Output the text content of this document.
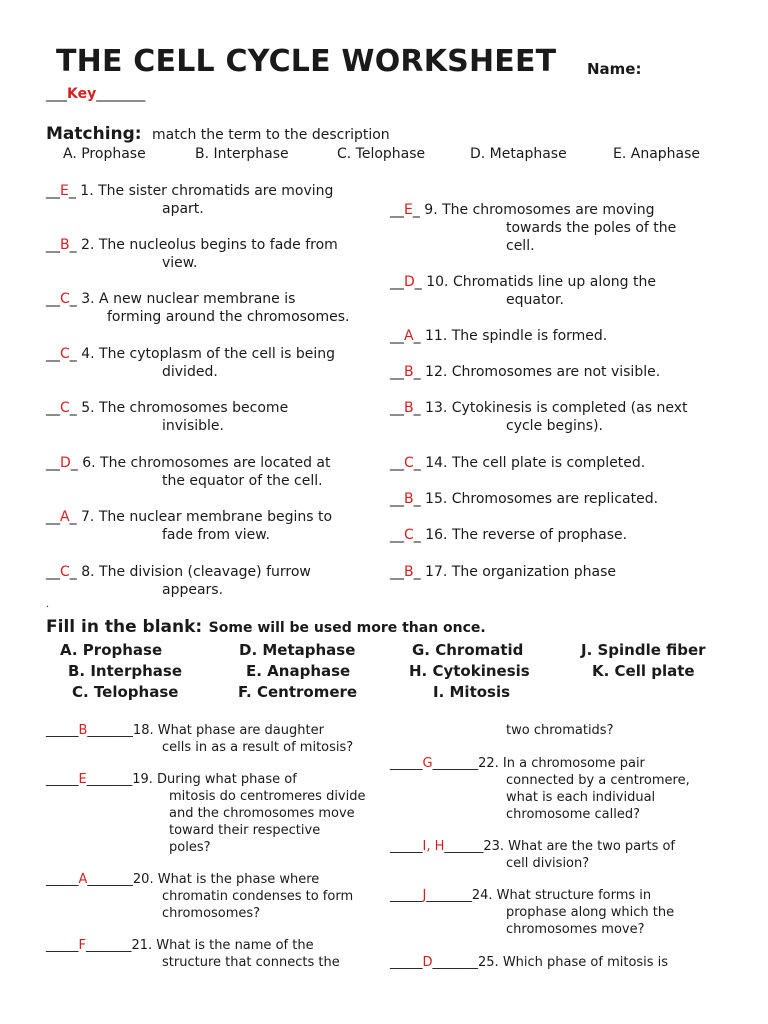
THE CELL CYCLE WORKSHEET Name:
___Key_______
Matching: match the term to the description
A. Prophase	B. Interphase	C. Telophase	D. Metaphase	E. Anaphase
__E_ 1. The sister chromatids are moving
apart.
__B_ 2. The nucleolus begins to fade from
view.
__C_ 3. A new nuclear membrane is
forming around the chromosomes.
__C_ 4. The cytoplasm of the cell is being
divided.
__C_ 5. The chromosomes become
invisible.
__D_ 6. The chromosomes are located at
the equator of the cell.
__A_ 7. The nuclear membrane begins to
fade from view.
__C_ 8. The division (cleavage) furrow
appears.
__E_ 9. The chromosomes are moving
towards the poles of the
cell.
__D_ 10. Chromatids line up along the
equator.
__A_ 11. The spindle is formed.
__B_ 12. Chromosomes are not visible.
__B_ 13. Cytokinesis is completed (as next
cycle begins).
__C_ 14. The cell plate is completed.
__B_ 15. Chromosomes are replicated.
__C_ 16. The reverse of prophase.
__B_ 17. The organization phase
.
Fill in the blank: Some will be used more than once.
A. Prophase	D. Metaphase	G. Chromatid	J. Spindle fiber
B. Interphase	E. Anaphase	H. Cytokinesis	K. Cell plate
C. Telophase	F. Centromere	I. Mitosis
_____B_______18. What phase are daughter
cells in as a result of mitosis?
_____E_______19. During what phase of
mitosis do centromeres divide
and the chromosomes move
toward their respective
poles?
_____A_______20. What is the phase where
chromatin condenses to form
chromosomes?
_____F_______21. What is the name of the
structure that connects the
two chromatids?
_____G_______22. In a chromosome pair
connected by a centromere,
what is each individual
chromosome called?
_____I, H______23. What are the two parts of
cell division?
_____J_______24. What structure forms in
prophase along which the
chromosomes move?
_____D_______25. Which phase of mitosis is
